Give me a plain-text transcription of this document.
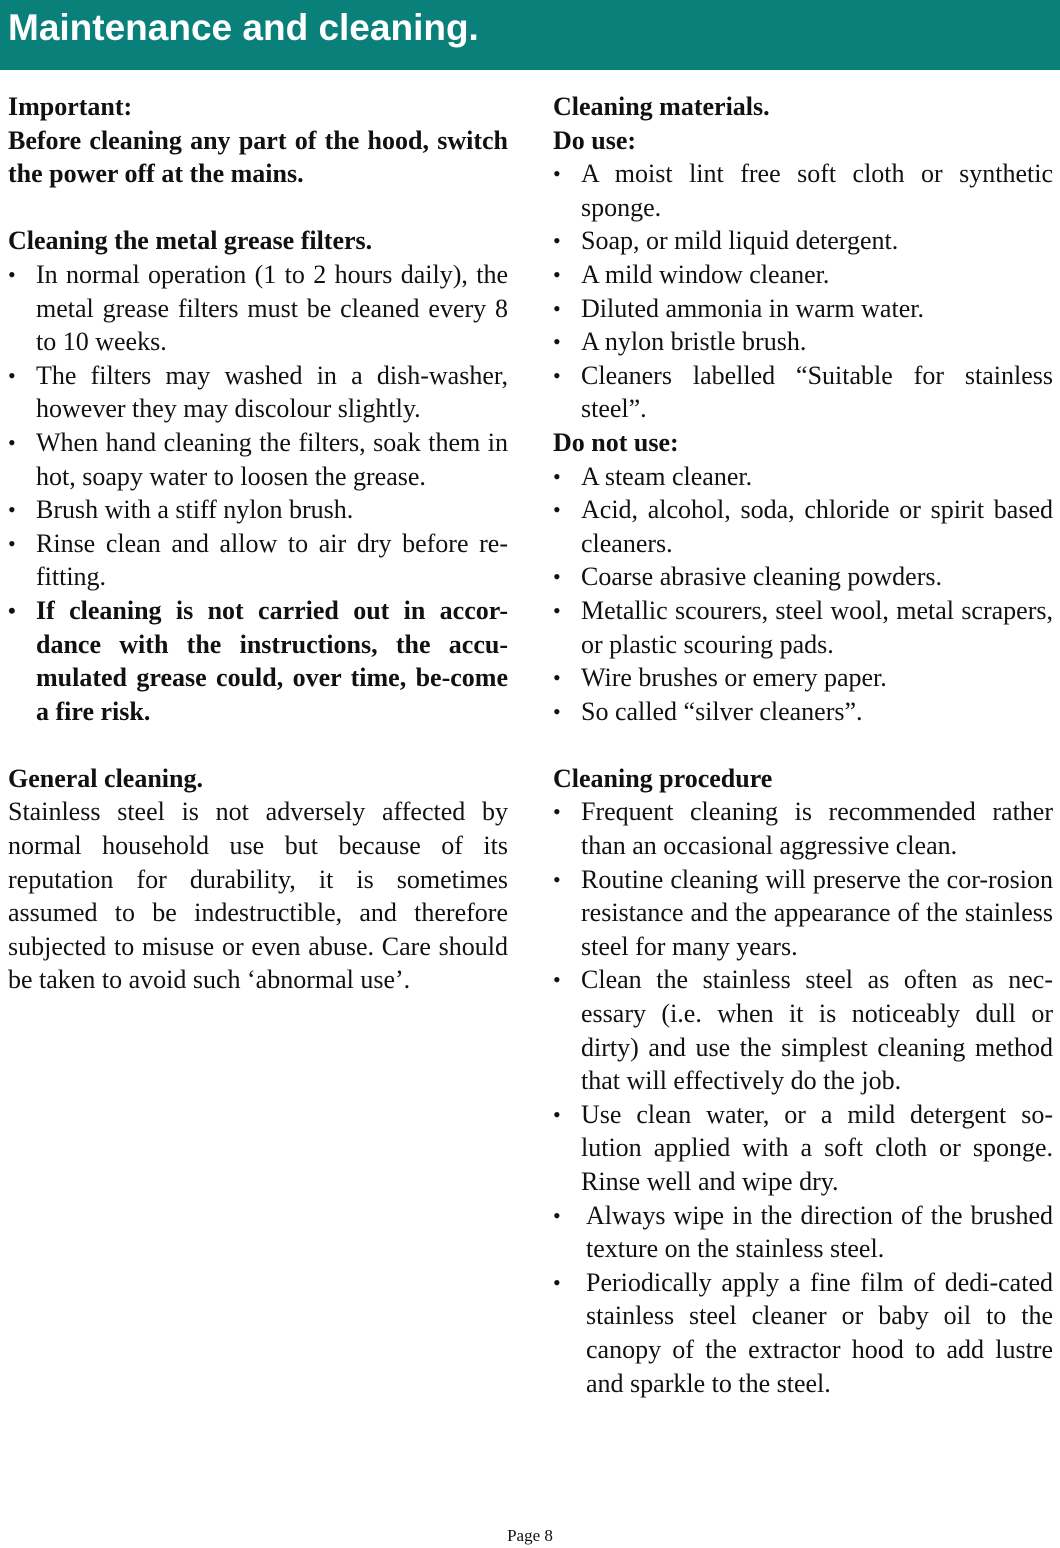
Maintenance and cleaning.

Important:

Before cleaning any part of the hood, switch the power off at the mains.

Cleaning the metal grease filters.

• In normal operation (1 to 2 hours daily), the metal grease filters must be cleaned every 8 to 10 weeks.
• The filters may washed in a dish-washer, however they may discolour slightly.
• When hand cleaning the filters, soak them in hot, soapy water to loosen the grease.
• Brush with a stiff nylon brush.
• Rinse clean and allow to air dry before re-fitting.
• If cleaning is not carried out in accor-dance with the instructions, the accu-mulated grease could, over time, be-come a fire risk.

General cleaning.

Stainless steel is not adversely affected by normal household use but because of its reputation for durability, it is sometimes assumed to be indestructible, and therefore subjected to misuse or even abuse. Care should be taken to avoid such ‘abnormal use’.

Cleaning materials.

Do use:

• A moist lint free soft cloth or synthetic sponge.
• Soap, or mild liquid detergent.
• A mild window cleaner.
• Diluted ammonia in warm water.
• A nylon bristle brush.
• Cleaners labelled “Suitable for stainless steel”.

Do not use:

• A steam cleaner.
• Acid, alcohol, soda, chloride or spirit based cleaners.
• Coarse abrasive cleaning powders.
• Metallic scourers, steel wool, metal scrapers, or plastic scouring pads.
• Wire brushes or emery paper.
• So called “silver cleaners”.

Cleaning procedure

• Frequent cleaning is recommended rather than an occasional aggressive clean.
• Routine cleaning will preserve the cor-rosion resistance and the appearance of the stainless steel for many years.
• Clean the stainless steel as often as nec-essary (i.e. when it is noticeably dull or dirty) and use the simplest cleaning method that will effectively do the job.
• Use clean water, or a mild detergent so-lution applied with a soft cloth or sponge. Rinse well and wipe dry.
• Always wipe in the direction of the brushed texture on the stainless steel.
• Periodically apply a fine film of dedi-cated stainless steel cleaner or baby oil to the canopy of the extractor hood to add lustre and sparkle to the steel.
Page 8
